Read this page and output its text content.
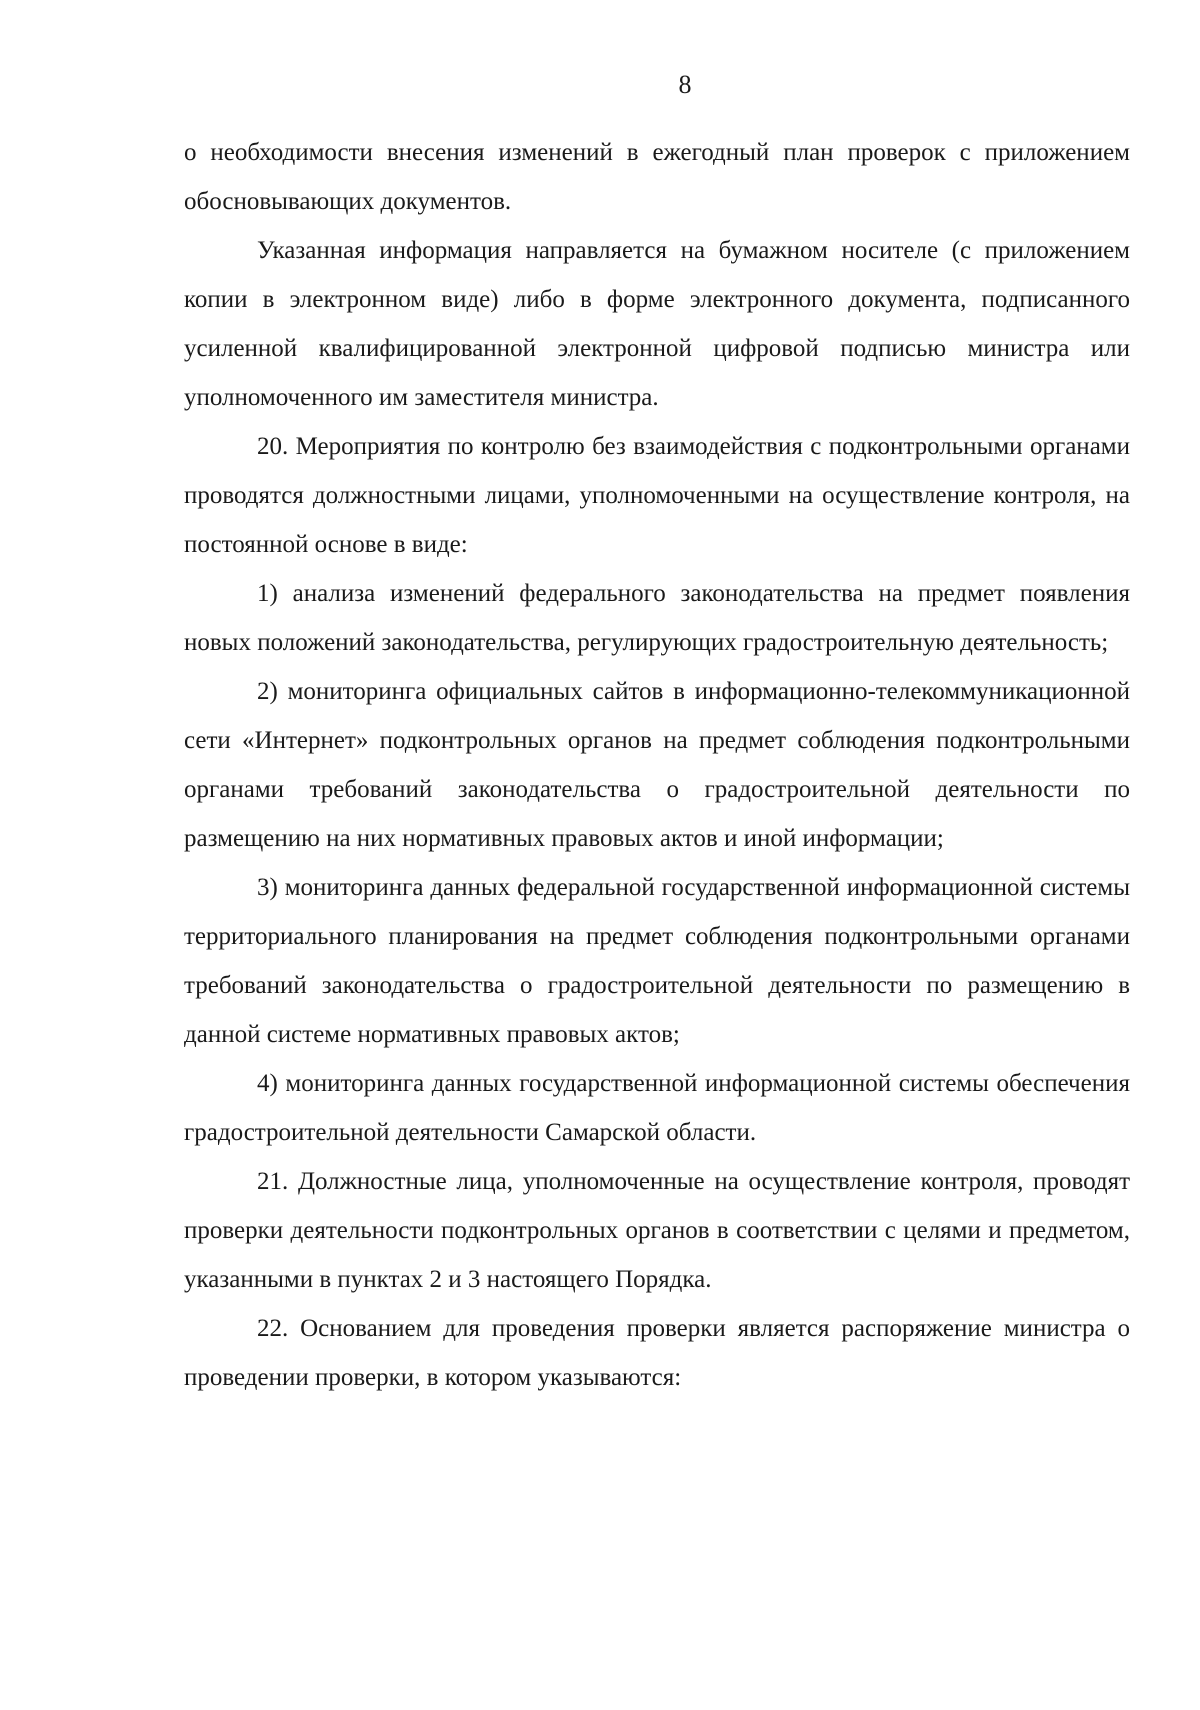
8

о необходимости внесения изменений в ежегодный план проверок с приложением обосновывающих документов.

Указанная информация направляется на бумажном носителе (с приложением копии в электронном виде) либо в форме электронного документа, подписанного усиленной квалифицированной электронной цифровой подписью министра или уполномоченного им заместителя министра.

20. Мероприятия по контролю без взаимодействия с подконтрольными органами проводятся должностными лицами, уполномоченными на осуществление контроля, на постоянной основе в виде:

1) анализа изменений федерального законодательства на предмет появления новых положений законодательства, регулирующих градостроительную деятельность;

2) мониторинга официальных сайтов в информационно-телекоммуникационной сети «Интернет» подконтрольных органов на предмет соблюдения подконтрольными органами требований законодательства о градостроительной деятельности по размещению на них нормативных правовых актов и иной информации;

3) мониторинга данных федеральной государственной информационной системы территориального планирования на предмет соблюдения подконтрольными органами требований законодательства о градостроительной деятельности по размещению в данной системе нормативных правовых актов;

4) мониторинга данных государственной информационной системы обеспечения градостроительной деятельности Самарской области.

21. Должностные лица, уполномоченные на осуществление контроля, проводят проверки деятельности подконтрольных органов в соответствии с целями и предметом, указанными в пунктах 2 и 3 настоящего Порядка.

22. Основанием для проведения проверки является распоряжение министра о проведении проверки, в котором указываются:
